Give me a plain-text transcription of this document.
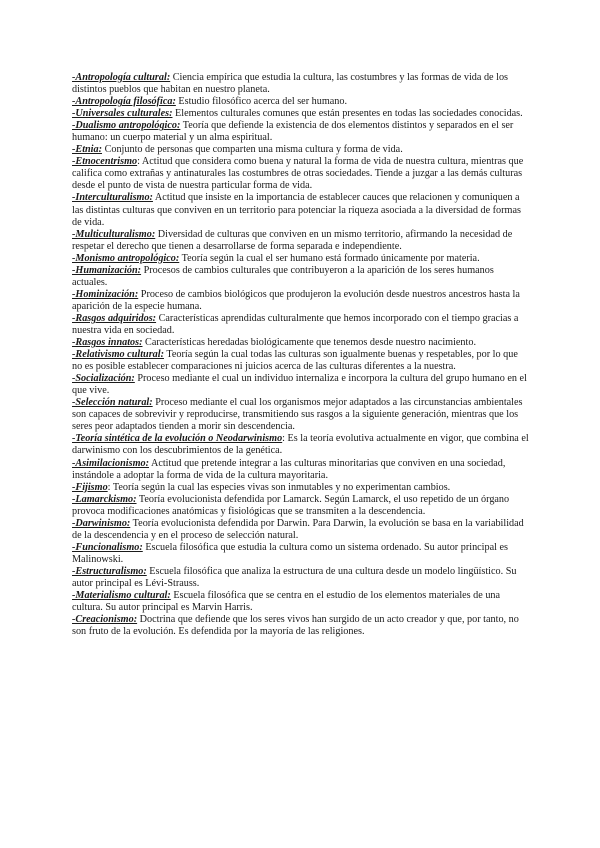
-Antropología cultural: Ciencia empírica que estudia la cultura, las costumbres y las formas de vida de los distintos pueblos que habitan en nuestro planeta.

-Antropología filosófica: Estudio filosófico acerca del ser humano.

-Universales culturales: Elementos culturales comunes que están presentes en todas las sociedades conocidas.

-Dualismo antropológico: Teoría que defiende la existencia de dos elementos distintos y separados en el ser humano: un cuerpo material y un alma espiritual.

-Etnia: Conjunto de personas que comparten una misma cultura y forma de vida.

-Etnocentrismo: Actitud que considera como buena y natural la forma de vida de nuestra cultura, mientras que califica como extrañas y antinaturales las costumbres de otras sociedades. Tiende a juzgar a las demás culturas desde el punto de vista de nuestra particular forma de vida.

-Interculturalismo: Actitud que insiste en la importancia de establecer cauces que relacionen y comuniquen a las distintas culturas que conviven en un territorio para potenciar la riqueza asociada a la diversidad de formas de vida.

-Multiculturalismo: Diversidad de culturas que conviven en un mismo territorio, afirmando la necesidad de respetar el derecho que tienen a desarrollarse de forma separada e independiente.

-Monismo antropológico: Teoría según la cual el ser humano está formado únicamente por materia.

-Humanización: Procesos de cambios culturales que contribuyeron a la aparición de los seres humanos actuales.

-Hominización: Proceso de cambios biológicos que produjeron la evolución desde nuestros ancestros hasta la aparición de la especie humana.

-Rasgos adquiridos: Características aprendidas culturalmente que hemos incorporado con el tiempo gracias a nuestra vida en sociedad.

-Rasgos innatos: Características heredadas biológicamente que tenemos desde nuestro nacimiento.

-Relativismo cultural: Teoría según la cual todas las culturas son igualmente buenas y respetables, por lo que no es posible establecer comparaciones ni juicios acerca de las culturas diferentes a la nuestra.

-Socialización: Proceso mediante el cual un individuo internaliza e incorpora la cultura del grupo humano en el que vive.

-Selección natural: Proceso mediante el cual los organismos mejor adaptados a las circunstancias ambientales son capaces de sobrevivir y reproducirse, transmitiendo sus rasgos a la siguiente generación, mientras que los seres peor adaptados tienden a morir sin descendencia.

-Teoría sintética de la evolución o Neodarwinismo: Es la teoría evolutiva actualmente en vigor, que combina el darwinismo con los descubrimientos de la genética.

-Asimilacionismo: Actitud que pretende integrar a las culturas minoritarias que conviven en una sociedad, instándole a adoptar la forma de vida de la cultura mayoritaria.

-Fijismo: Teoría según la cual las especies vivas son inmutables y no experimentan cambios.

-Lamarckismo: Teoría evolucionista defendida por Lamarck. Según Lamarck, el uso repetido de un órgano provoca modificaciones anatómicas y fisiológicas que se transmiten a la descendencia.

-Darwinismo: Teoría evolucionista defendida por Darwin. Para Darwin, la evolución se basa en la variabilidad de la descendencia y en el proceso de selección natural.

-Funcionalismo: Escuela filosófica que estudia la cultura como un sistema ordenado. Su autor principal es Malinowski.

-Estructuralismo: Escuela filosófica que analiza la estructura de una cultura desde un modelo lingüístico. Su autor principal es Lévi-Strauss.

-Materialismo cultural: Escuela filosófica que se centra en el estudio de los elementos materiales de una cultura. Su autor principal es Marvin Harris.

-Creacionismo: Doctrina que defiende que los seres vivos han surgido de un acto creador y que, por tanto, no son fruto de la evolución. Es defendida por la mayoría de las religiones.
